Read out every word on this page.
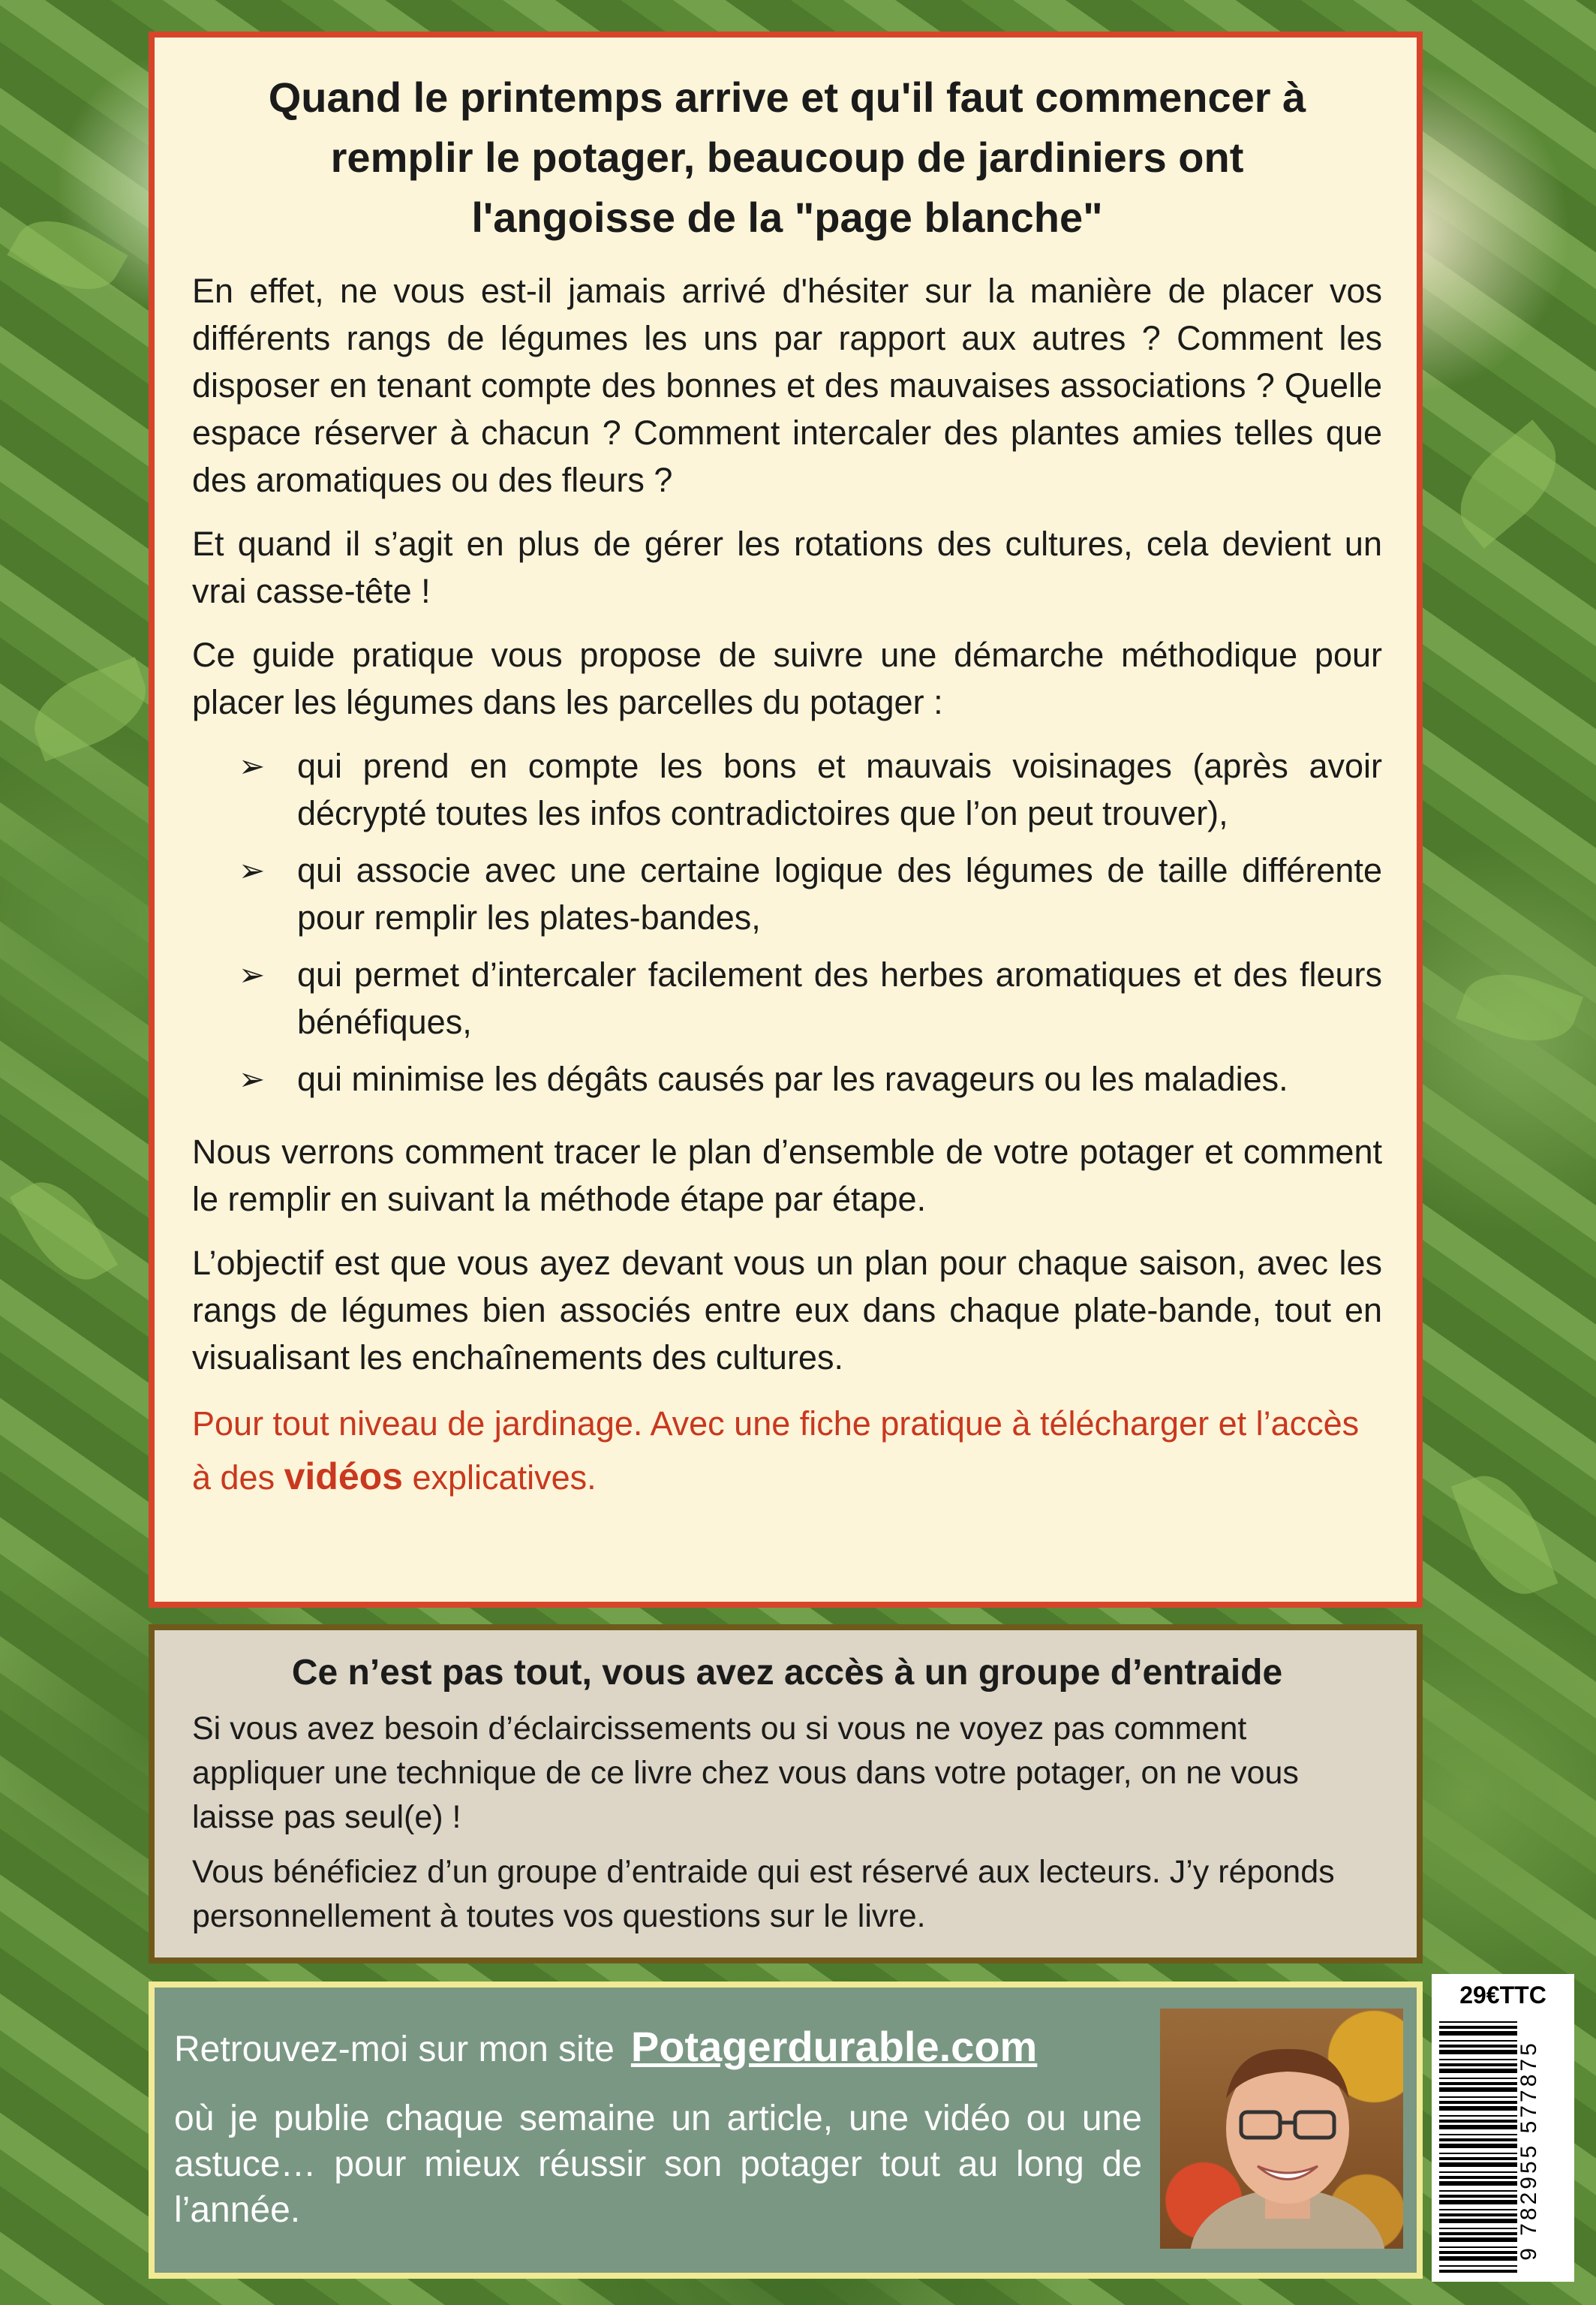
Quand le printemps arrive et qu'il faut commencer à
remplir le potager, beaucoup de jardiniers ont
l'angoisse de la "page blanche"

En effet, ne vous est-il jamais arrivé d'hésiter sur la manière de placer vos différents rangs de légumes les uns par rapport aux autres ? Comment les disposer en tenant compte des bonnes et des mauvaises associations ? Quelle espace réserver à chacun ? Comment intercaler des plantes amies telles que des aromatiques ou des fleurs ?

Et quand il s’agit en plus de gérer les rotations des cultures, cela devient un vrai casse-tête !

Ce guide pratique vous propose de suivre une démarche méthodique pour placer les légumes dans les parcelles du potager :

➢ qui prend en compte les bons et mauvais voisinages (après avoir décrypté toutes les infos contradictoires que l’on peut trouver),
➢ qui associe avec une certaine logique des légumes de taille différente pour remplir les plates-bandes,
➢ qui permet d’intercaler facilement des herbes aromatiques et des fleurs bénéfiques,
➢ qui minimise les dégâts causés par les ravageurs ou les maladies.

Nous verrons comment tracer le plan d’ensemble de votre potager et comment le remplir en suivant la méthode étape par étape.

L’objectif est que vous ayez devant vous un plan pour chaque saison, avec les rangs de légumes bien associés entre eux dans chaque plate-bande, tout en visualisant les enchaînements des cultures.

Pour tout niveau de jardinage. Avec une fiche pratique à télécharger et l’accès à des vidéos explicatives.

Ce n’est pas tout, vous avez accès à un groupe d’entraide

Si vous avez besoin d’éclaircissements ou si vous ne voyez pas comment appliquer une technique de ce livre chez vous dans votre potager, on ne vous laisse pas seul(e) !

Vous bénéficiez d’un groupe d’entraide qui est réservé aux lecteurs. J’y réponds personnellement à toutes vos questions sur le livre.

Retrouvez-moi sur mon site Potagerdurable.com

où je publie chaque semaine un article, une vidéo ou une astuce… pour mieux réussir son potager tout au long de l’année.

29€TTC
9 782955 577875
